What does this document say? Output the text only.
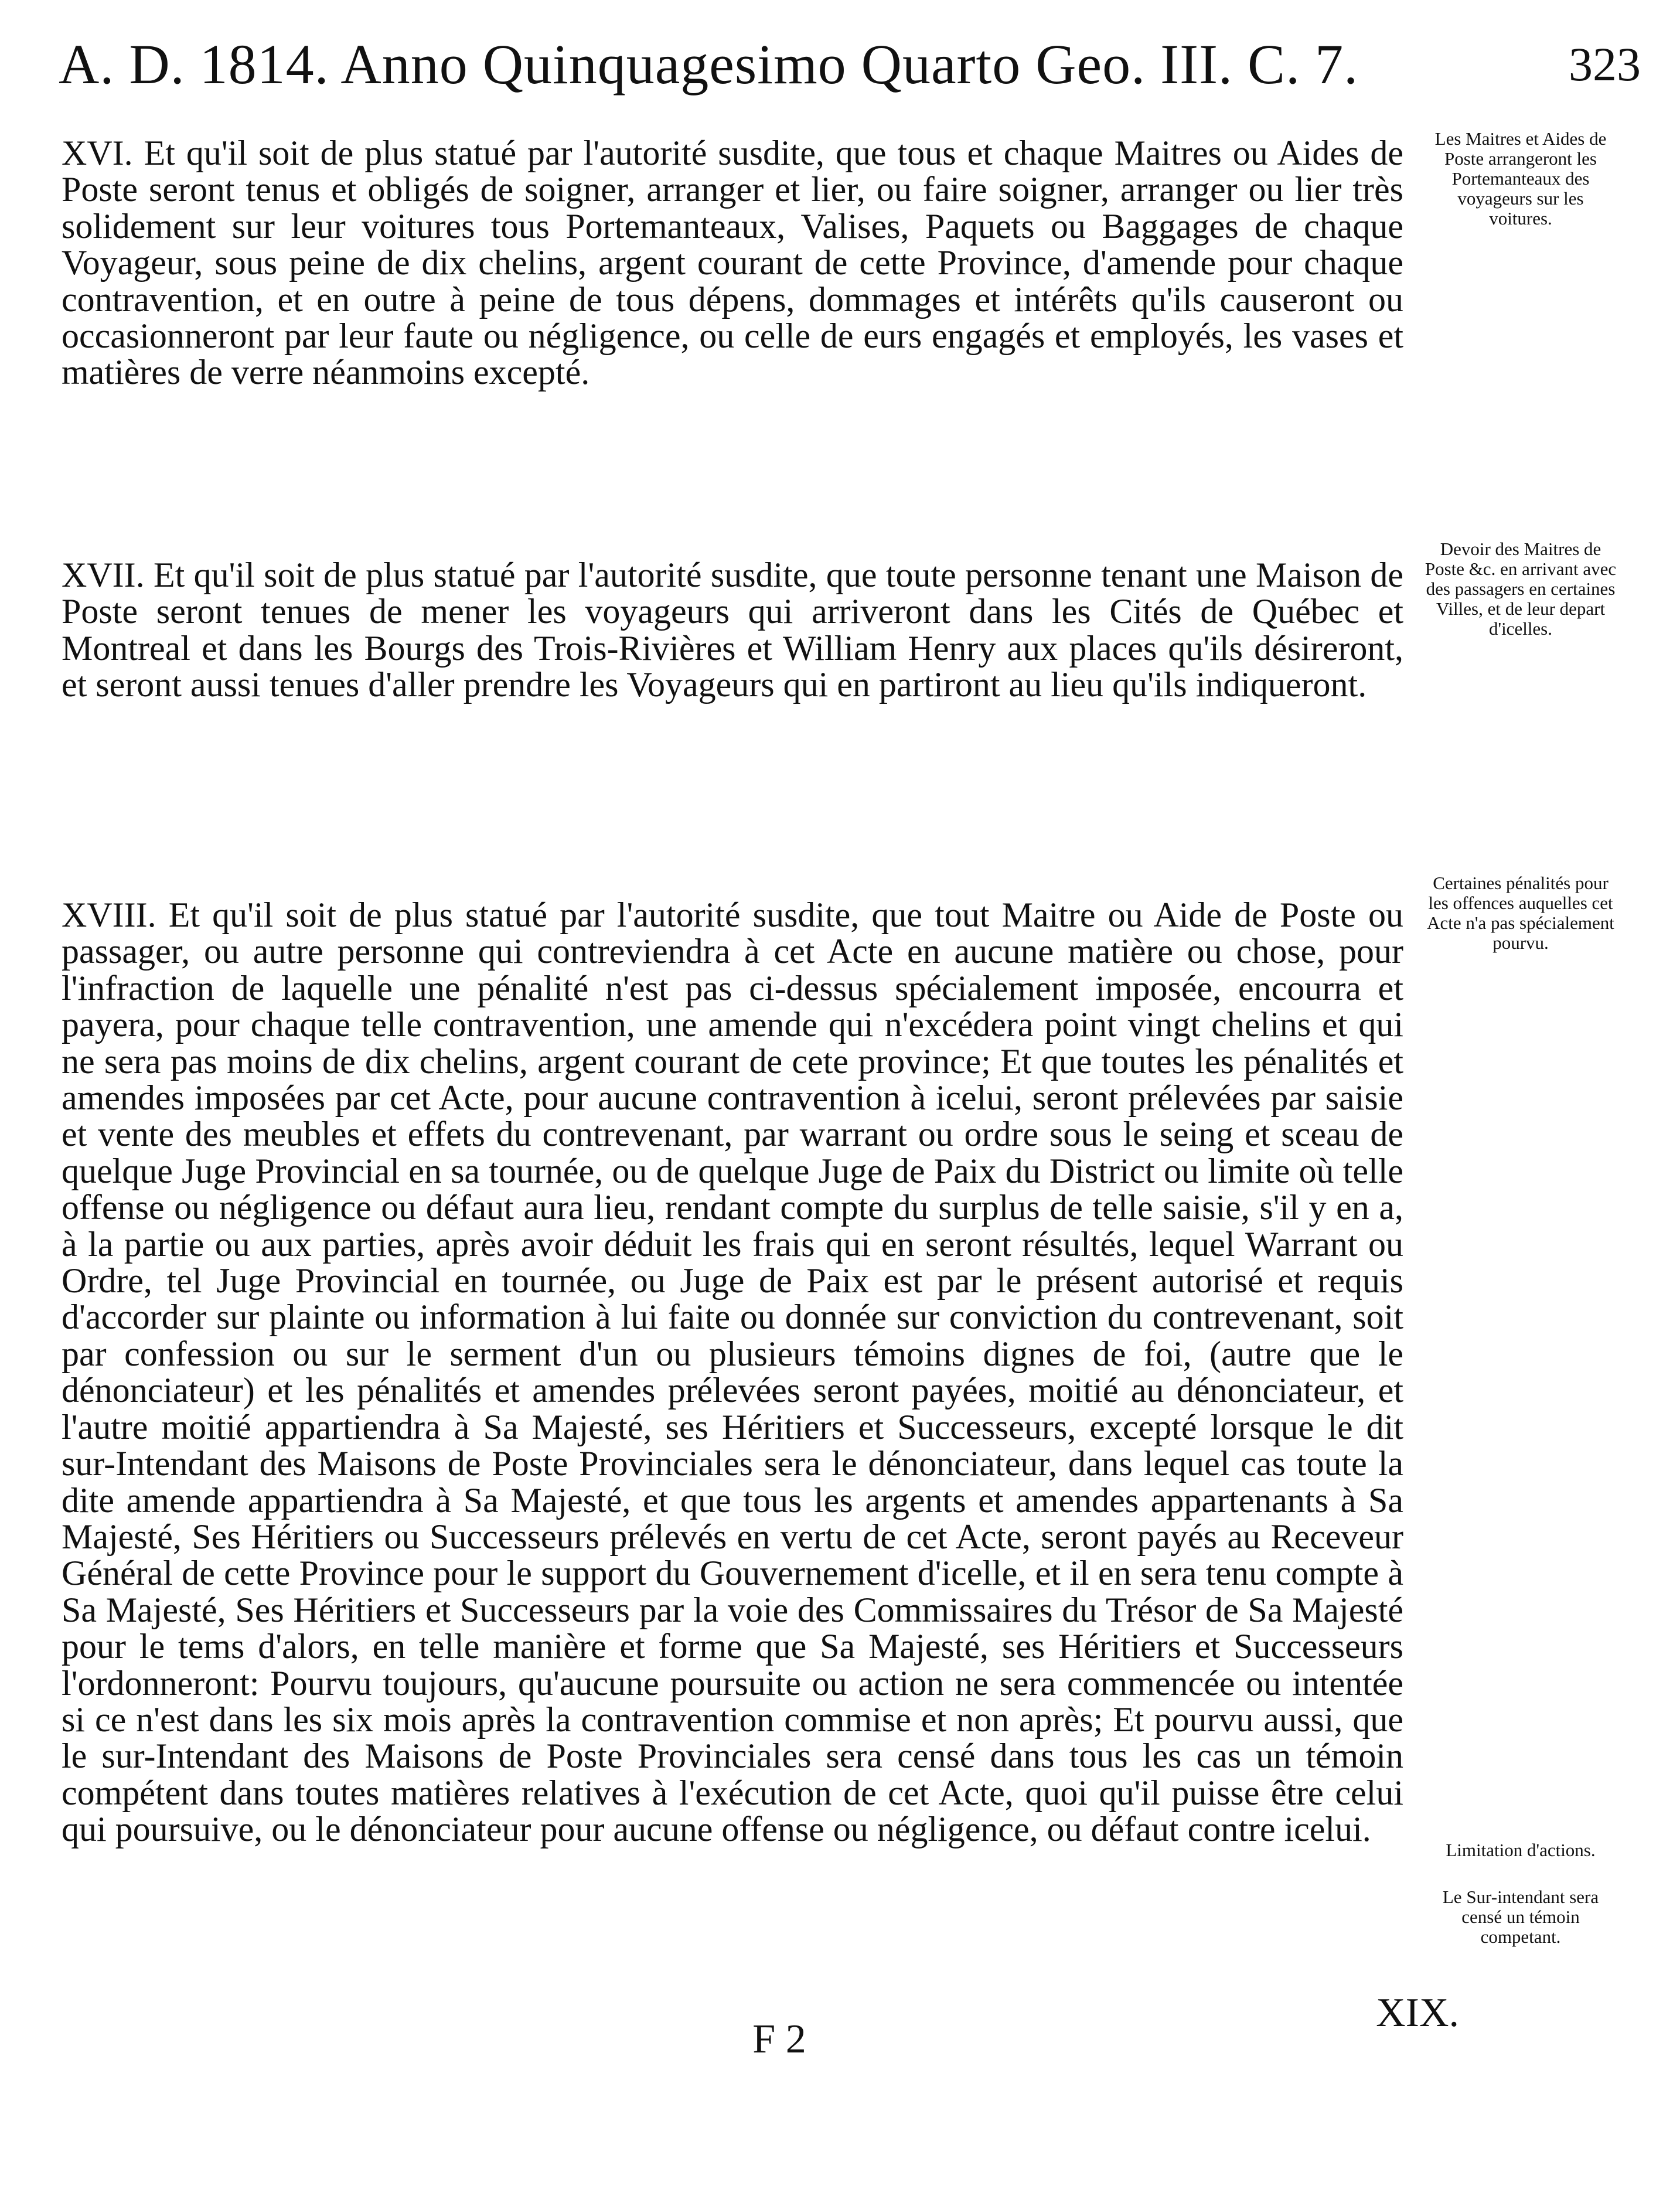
A. D. 1814. Anno Quinquagesimo Quarto Geo. III. C. 7.	323
XVI. Et qu'il soit de plus statué par l'autorité susdite, que tous et chaque Maitres ou Aides de Poste seront tenus et obligés de soigner, arranger et lier, ou faire soigner, arranger ou lier très solidement sur leur voitures tous Portemanteaux, Valises, Paquets ou Baggages de chaque Voyageur, sous peine de dix chelins, argent courant de cette Province, d'amende pour chaque contravention, et en outre à peine de tous dépens, dommages et intérêts qu'ils causeront ou occasionneront par leur faute ou négligence, ou celle de eurs engagés et employés, les vases et matières de verre néanmoins excepté.
Les Maitres et Aides de Poste arrangeront les Portemanteaux des voyageurs sur les voitures.
XVII. Et qu'il soit de plus statué par l'autorité susdite, que toute personne tenant une Maison de Poste seront tenues de mener les voyageurs qui arriveront dans les Cités de Québec et Montreal et dans les Bourgs des Trois-Rivières et William Henry aux places qu'ils désireront, et seront aussi tenues d'aller prendre les Voyageurs qui en partiront au lieu qu'ils indiqueront.
Devoir des Maitres de Poste &c. en arrivant avec des passagers en certaines Villes, et de leur depart d'icelles.
XVIII. Et qu'il soit de plus statué par l'autorité susdite, que tout Maitre ou Aide de Poste ou passager, ou autre personne qui contreviendra à cet Acte en aucune matière ou chose, pour l'infraction de laquelle une pénalité n'est pas ci-dessus spécialement imposée, encourra et payera, pour chaque telle contravention, une amende qui n'excédera point vingt chelins et qui ne sera pas moins de dix chelins, argent courant de cete province; Et que toutes les pénalités et amendes imposées par cet Acte, pour aucune contravention à icelui, seront prélevées par saisie et vente des meubles et effets du contrevenant, par warrant ou ordre sous le seing et sceau de quelque Juge Provincial en sa tournée, ou de quelque Juge de Paix du District ou limite où telle offense ou négligence ou défaut aura lieu, rendant compte du surplus de telle saisie, s'il y en a, à la partie ou aux parties, après avoir déduit les frais qui en seront résultés, lequel Warrant ou Ordre, tel Juge Provincial en tournée, ou Juge de Paix est par le présent autorisé et requis d'accorder sur plainte ou information à lui faite ou donnée sur conviction du contrevenant, soit par confession ou sur le serment d'un ou plusieurs témoins dignes de foi, (autre que le dénonciateur) et les pénalités et amendes prélevées seront payées, moitié au dénonciateur, et l'autre moitié appartiendra à Sa Majesté, ses Héritiers et Successeurs, excepté lorsque le dit sur-Intendant des Maisons de Poste Provinciales sera le dénonciateur, dans lequel cas toute la dite amende appartiendra à Sa Majesté, et que tous les argents et amendes appartenants à Sa Majesté, Ses Héritiers ou Successeurs prélevés en vertu de cet Acte, seront payés au Receveur Général de cette Province pour le support du Gouvernement d'icelle, et il en sera tenu compte à Sa Majesté, Ses Héritiers et Successeurs par la voie des Commissaires du Trésor de Sa Majesté pour le tems d'alors, en telle manière et forme que Sa Majesté, ses Héritiers et Successeurs l'ordonneront: Pourvu toujours, qu'aucune poursuite ou action ne sera commencée ou intentée si ce n'est dans les six mois après la contravention commise et non après; Et pourvu aussi, que le sur-Intendant des Maisons de Poste Provinciales sera censé dans tous les cas un témoin compétent dans toutes matières relatives à l'exécution de cet Acte, quoi qu'il puisse être celui qui poursuive, ou le dénonciateur pour aucune offense ou négligence, ou défaut contre icelui.
Certaines pénalités pour les offences auquelles cet Acte n'a pas spécialement pourvu.
Limitation d'actions.
Le Sur-intendant sera censé un témoin competant.
XIX.
F 2
